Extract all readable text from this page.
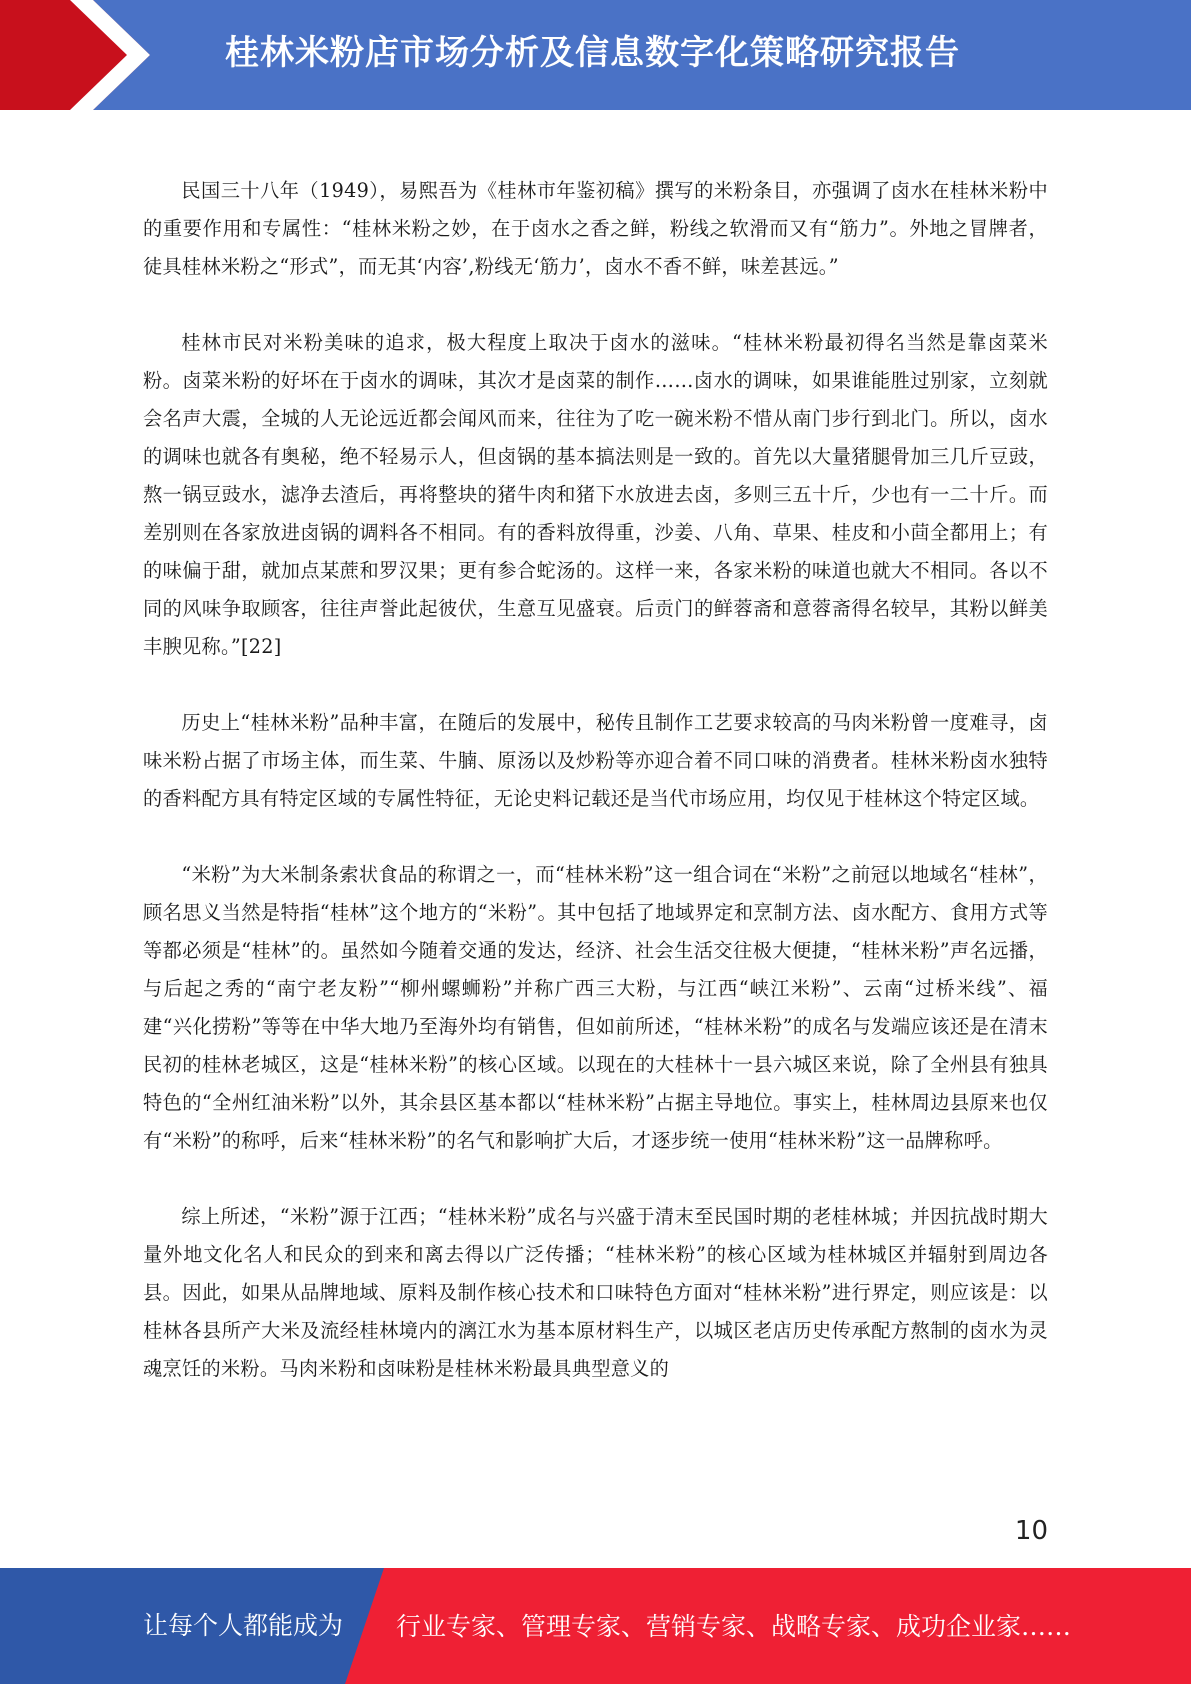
桂林米粉店市场分析及信息数字化策略研究报告

民国三十八年（1949），易熙吾为《桂林市年鉴初稿》撰写的米粉条目，亦强调了卤水在桂林米粉中的重要作用和专属性：“桂林米粉之妙，在于卤水之香之鲜，粉线之软滑而又有“筋力”。外地之冒牌者，徒具桂林米粉之“形式”，而无其‘内容’,粉线无‘筋力’，卤水不香不鲜，味差甚远。”

桂林市民对米粉美味的追求，极大程度上取决于卤水的滋味。“桂林米粉最初得名当然是靠卤菜米粉。卤菜米粉的好坏在于卤水的调味，其次才是卤菜的制作……卤水的调味，如果谁能胜过别家，立刻就会名声大震，全城的人无论远近都会闻风而来，往往为了吃一碗米粉不惜从南门步行到北门。所以，卤水的调味也就各有奥秘，绝不轻易示人，但卤锅的基本搞法则是一致的。首先以大量猪腿骨加三几斤豆豉，熬一锅豆豉水，滤净去渣后，再将整块的猪牛肉和猪下水放进去卤，多则三五十斤，少也有一二十斤。而差别则在各家放进卤锅的调料各不相同。有的香料放得重，沙姜、八角、草果、桂皮和小茴全都用上；有的味偏于甜，就加点某蔗和罗汉果；更有参合蛇汤的。这样一来，各家米粉的味道也就大不相同。各以不同的风味争取顾客，往往声誉此起彼伏，生意互见盛衰。后贡门的鲜蓉斋和意蓉斋得名较早，其粉以鲜美丰腴见称。”[22]

历史上“桂林米粉”品种丰富，在随后的发展中，秘传且制作工艺要求较高的马肉米粉曾一度难寻，卤味米粉占据了市场主体，而生菜、牛腩、原汤以及炒粉等亦迎合着不同口味的消费者。桂林米粉卤水独特的香料配方具有特定区域的专属性特征，无论史料记载还是当代市场应用，均仅见于桂林这个特定区域。

“米粉”为大米制条索状食品的称谓之一，而“桂林米粉”这一组合词在“米粉”之前冠以地域名“桂林”，顾名思义当然是特指“桂林”这个地方的“米粉”。其中包括了地域界定和烹制方法、卤水配方、食用方式等等都必须是“桂林”的。虽然如今随着交通的发达，经济、社会生活交往极大便捷，“桂林米粉”声名远播，与后起之秀的“南宁老友粉”“柳州螺蛳粉”并称广西三大粉，与江西“峡江米粉”、云南“过桥米线”、福建“兴化捞粉”等等在中华大地乃至海外均有销售，但如前所述，“桂林米粉”的成名与发端应该还是在清末民初的桂林老城区，这是“桂林米粉”的核心区域。以现在的大桂林十一县六城区来说，除了全州县有独具特色的“全州红油米粉”以外，其余县区基本都以“桂林米粉”占据主导地位。事实上，桂林周边县原来也仅有“米粉”的称呼，后来“桂林米粉”的名气和影响扩大后，才逐步统一使用“桂林米粉”这一品牌称呼。

综上所述，“米粉”源于江西；“桂林米粉”成名与兴盛于清末至民国时期的老桂林城；并因抗战时期大量外地文化名人和民众的到来和离去得以广泛传播；“桂林米粉”的核心区域为桂林城区并辐射到周边各县。因此，如果从品牌地域、原料及制作核心技术和口味特色方面对“桂林米粉”进行界定，则应该是：以桂林各县所产大米及流经桂林境内的漓江水为基本原材料生产，以城区老店历史传承配方熬制的卤水为灵魂烹饪的米粉。马肉米粉和卤味粉是桂林米粉最具典型意义的

10
让每个人都能成为 行业专家、管理专家、营销专家、战略专家、成功企业家……
